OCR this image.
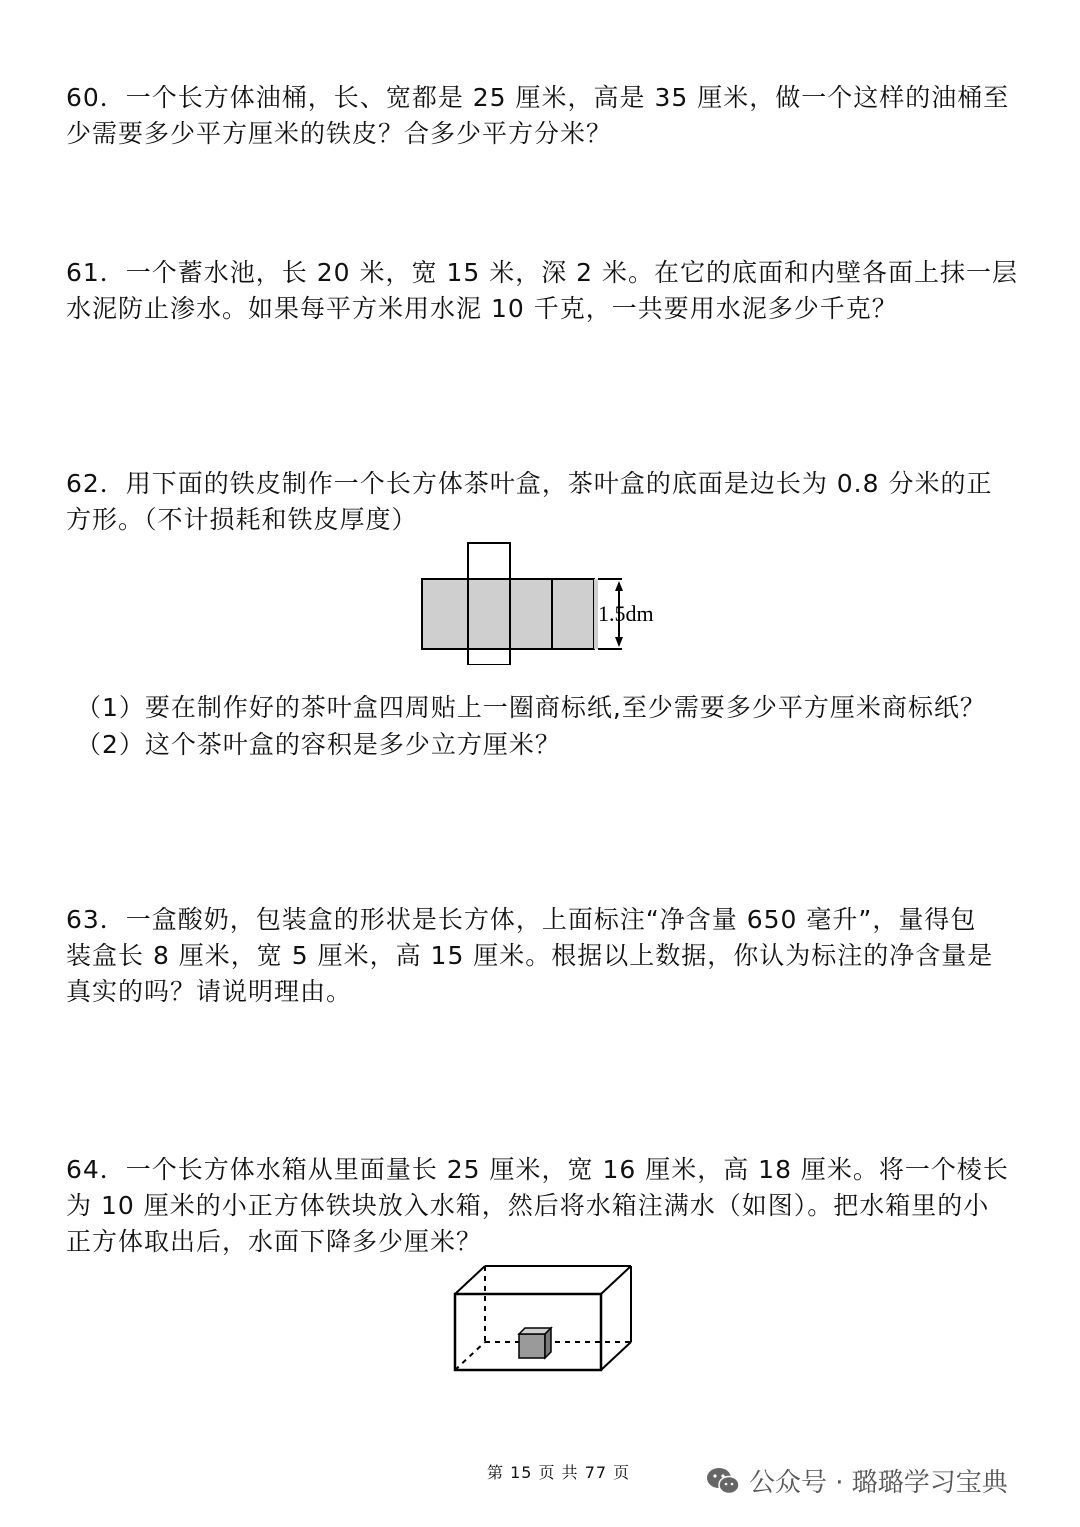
60．一个长方体油桶，长、宽都是 25 厘米，高是 35 厘米，做一个这样的油桶至
少需要多少平方厘米的铁皮？合多少平方分米？
61．一个蓄水池，长 20 米，宽 15 米，深 2 米。在它的底面和内壁各面上抹一层
水泥防止渗水。如果每平方米用水泥 10 千克，一共要用水泥多少千克？
62．用下面的铁皮制作一个长方体茶叶盒，茶叶盒的底面是边长为 0.8 分米的正
方形。（不计损耗和铁皮厚度）
1.5dm
（1）要在制作好的茶叶盒四周贴上一圈商标纸,至少需要多少平方厘米商标纸？
（2）这个茶叶盒的容积是多少立方厘米？
63．一盒酸奶，包装盒的形状是长方体，上面标注“净含量 650 毫升”，量得包
装盒长 8 厘米，宽 5 厘米，高 15 厘米。根据以上数据，你认为标注的净含量是
真实的吗？请说明理由。
64．一个长方体水箱从里面量长 25 厘米，宽 16 厘米，高 18 厘米。将一个棱长
为 10 厘米的小正方体铁块放入水箱，然后将水箱注满水（如图）。把水箱里的小
正方体取出后，水面下降多少厘米？
第 15 页 共 77 页	公众号 · 璐璐学习宝典
